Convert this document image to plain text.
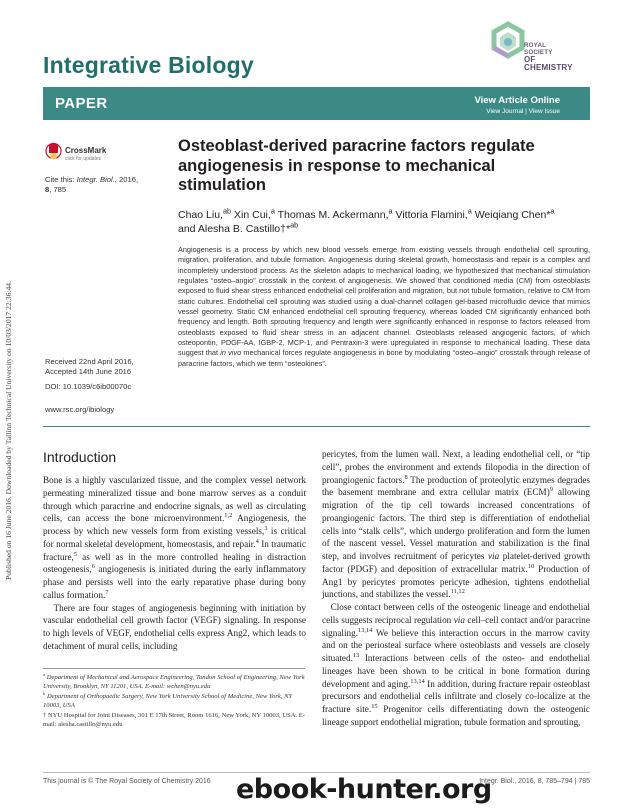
Published on 16 June 2016. Downloaded by Tallinn Technical University on 10/03/2017 22:36:44.
Integrative Biology
ROYAL SOCIETY
OF CHEMISTRY
PAPER	View Article Online
View Journal | View Issue
CrossMark
click for updates
Cite this: Integr. Biol., 2016,
8, 785
Received 22nd April 2016,
Accepted 14th June 2016
DOI: 10.1039/c6ib00070c
www.rsc.org/ibiology
Osteoblast-derived paracrine factors regulate angiogenesis in response to mechanical stimulation
Chao Liu,$^{ab}$ Xin Cui,$^a$ Thomas M. Ackermann,$^a$ Vittoria Flamini,$^a$ Weiqiang Chen*$^a$
and Alesha B. Castillo†*$^{ab}$
Angiogenesis is a process by which new blood vessels emerge from existing vessels through endothelial cell sprouting, migration, proliferation, and tubule formation. Angiogenesis during skeletal growth, homeostasis and repair is a complex and incompletely understood process. As the skeleton adapts to mechanical loading, we hypothesized that mechanical stimulation regulates “osteo–angio” crosstalk in the context of angiogenesis. We showed that conditioned media (CM) from osteoblasts exposed to fluid shear stress enhanced endothelial cell proliferation and migration, but not tubule formation, relative to CM from static cultures. Endothelial cell sprouting was studied using a dual-channel collagen gel-based microfluidic device that mimics vessel geometry. Static CM enhanced endothelial cell sprouting frequency, whereas loaded CM significantly enhanced both frequency and length. Both sprouting frequency and length were significantly enhanced in response to factors released from osteoblasts exposed to fluid shear stress in an adjacent channel. Osteoblasts released angiogenic factors, of which osteopontin, PDGF-AA, IGBP-2, MCP-1, and Pentraxin-3 were upregulated in response to mechanical loading. These data suggest that in vivo mechanical forces regulate angiogenesis in bone by modulating “osteo–angio” crosstalk through release of paracrine factors, which we term “osteokines”.
Introduction

Bone is a highly vascularized tissue, and the complex vessel network permeating mineralized tissue and bone marrow serves as a conduit through which paracrine and endocrine signals, as well as circulating cells, can access the bone microenvironment.$^{1,2}$ Angiogenesis, the process by which new vessels form from existing vessels,$^3$ is critical for normal skeletal development, homeostasis, and repair.$^4$ In traumatic fracture,$^5$ as well as in the more controlled healing in distraction osteogenesis,$^6$ angiogenesis is initiated during the early inflammatory phase and persists well into the early reparative phase during bony callus formation.$^7$

There are four stages of angiogenesis beginning with initiation by vascular endothelial cell growth factor (VEGF) signaling. In response to high levels of VEGF, endothelial cells express Ang2, which leads to detachment of mural cells, including

pericytes, from the lumen wall. Next, a leading endothelial cell, or “tip cell”, probes the environment and extends filopodia in the direction of proangiogenic factors.$^8$ The production of proteolytic enzymes degrades the basement membrane and extra cellular matrix (ECM)$^9$ allowing migration of the tip cell towards increased concentrations of proangiogenic factors. The third step is differentiation of endothelial cells into “stalk cells”, which undergo proliferation and form the lumen of the nascent vessel. Vessel maturation and stabilization is the final step, and involves recruitment of pericytes via platelet-derived growth factor (PDGF) and deposition of extracellular matrix.$^{10}$ Production of Ang1 by pericytes promotes pericyte adhesion, tightens endothelial junctions, and stabilizes the vessel.$^{11,12}$

Close contact between cells of the osteogenic lineage and endothelial cells suggests reciprocal regulation via cell–cell contact and/or paracrine signaling.$^{13,14}$ We believe this interaction occurs in the marrow cavity and on the periosteal surface where osteoblasts and vessels are closely situated.$^{13}$ Interactions between cells of the osteo- and endothelial lineages have been shown to be critical in bone formation during development and aging.$^{13,14}$ In addition, during fracture repair osteoblast precursors and endothelial cells infiltrate and closely co-localize at the fracture site.$^{15}$ Progenitor cells differentiating down the osteogenic lineage support endothelial migration, tubule formation and sprouting,

$^a$ Department of Mechanical and Aerospace Engineering, Tandon School of Engineering, New York University, Brooklyn, NY 11201, USA. E-mail: wchen@nyu.edu
$^b$ Department of Orthopaedic Surgery, New York University School of Medicine, New York, NY 10003, USA
† NYU Hospital for Joint Diseases, 301 E 17th Street, Room 1616, New York, NY 10003, USA. E-mail: alesha.castillo@nyu.edu
This journal is © The Royal Society of Chemistry 2016	Integr. Biol., 2016, 8, 785–794 | 785
ebook-hunter.org
